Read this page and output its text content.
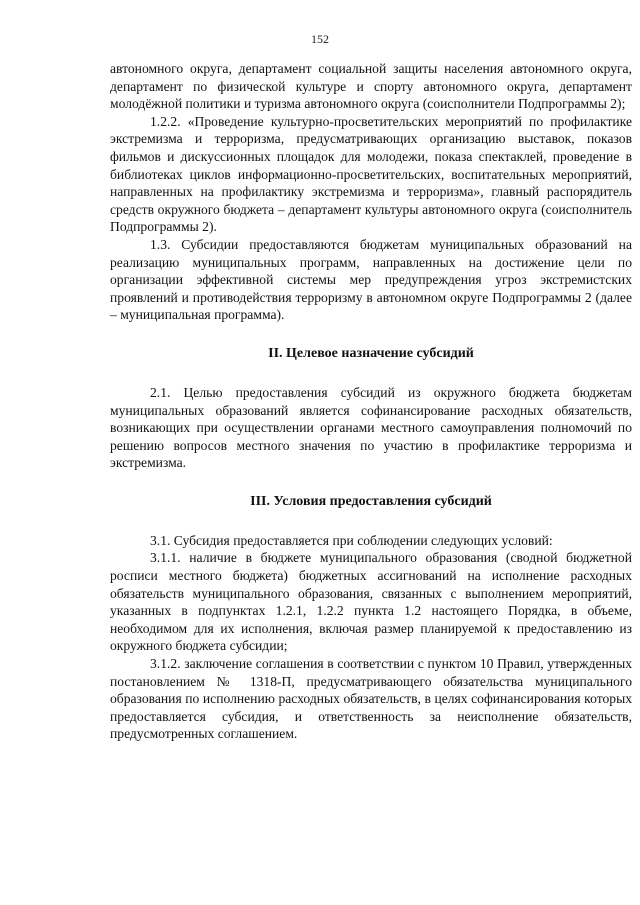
152

автономного округа, департамент социальной защиты населения автономного округа, департамент по физической культуре и спорту автономного округа, департамент молодёжной политики и туризма автономного округа (соисполнители Подпрограммы 2);

1.2.2. «Проведение культурно-просветительских мероприятий по профилактике экстремизма и терроризма, предусматривающих организацию выставок, показов фильмов и дискуссионных площадок для молодежи, показа спектаклей, проведение в библиотеках циклов информационно-просветительских, воспитательных мероприятий, направленных на профилактику экстремизма и терроризма», главный распорядитель средств окружного бюджета – департамент культуры автономного округа (соисполнитель Подпрограммы 2).

1.3. Субсидии предоставляются бюджетам муниципальных образований на реализацию муниципальных программ, направленных на достижение цели по организации эффективной системы мер предупреждения угроз экстремистских проявлений и противодействия терроризму в автономном округе Подпрограммы 2 (далее – муниципальная программа).

II. Целевое назначение субсидий

2.1. Целью предоставления субсидий из окружного бюджета бюджетам муниципальных образований является софинансирование расходных обязательств, возникающих при осуществлении органами местного самоуправления полномочий по решению вопросов местного значения по участию в профилактике терроризма и экстремизма.

III. Условия предоставления субсидий

3.1. Субсидия предоставляется при соблюдении следующих условий:

3.1.1. наличие в бюджете муниципального образования (сводной бюджетной росписи местного бюджета) бюджетных ассигнований на исполнение расходных обязательств муниципального образования, связанных с выполнением мероприятий, указанных в подпунктах 1.2.1, 1.2.2 пункта 1.2 настоящего Порядка, в объеме, необходимом для их исполнения, включая размер планируемой к предоставлению из окружного бюджета субсидии;

3.1.2. заключение соглашения в соответствии с пунктом 10 Правил, утвержденных постановлением № 1318-П, предусматривающего обязательства муниципального образования по исполнению расходных обязательств, в целях софинансирования которых предоставляется субсидия, и ответственность за неисполнение обязательств, предусмотренных соглашением.
